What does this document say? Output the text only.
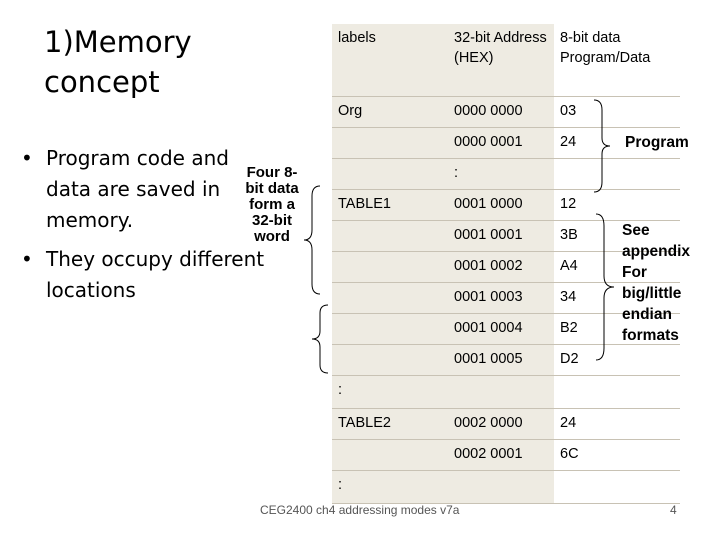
1)Memory
concept
• Program code and data are saved in memory.
• They occupy different locations
Four 8-bit data form a 32-bit word
labels	32-bit Address (HEX)	8-bit data Program/Data
Org	0000 0000	03
	0000 0001	24
	:	
TABLE1	0001 0000	12
	0001 0001	3B
	0001 0002	A4
	0001 0003	34
	0001 0004	B2
	0001 0005	D2
:		
TABLE2	0002 0000	24
	0002 0001	6C
:		
Program
See appendix For big/little endian formats
CEG2400 ch4 addressing modes v7a	4
